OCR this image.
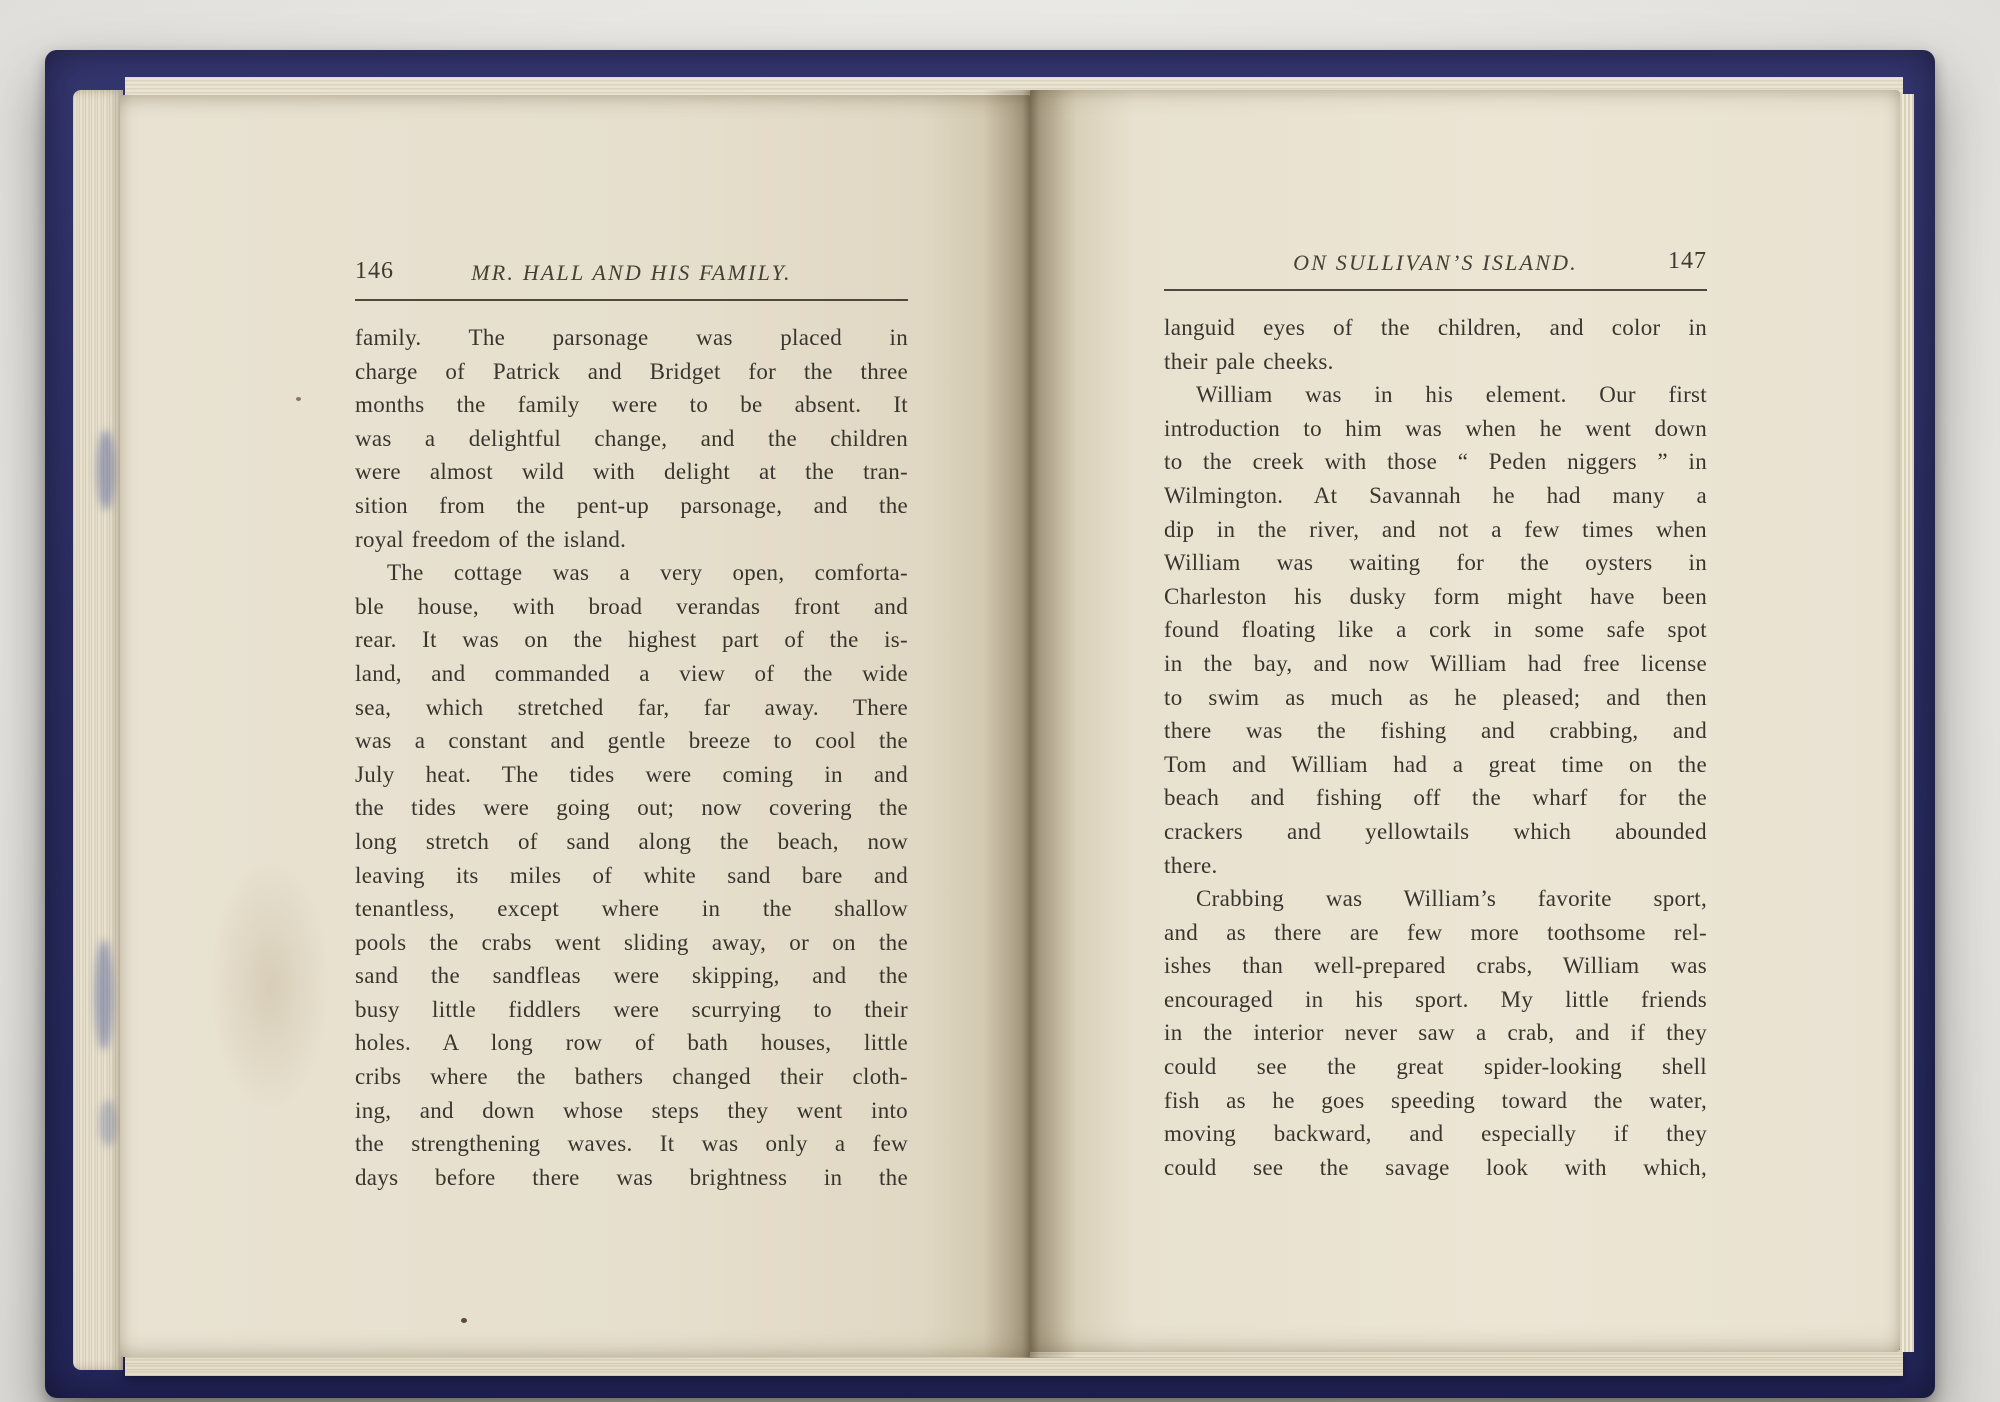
146	MR. HALL AND HIS FAMILY.
family. The parsonage was placed in
charge of Patrick and Bridget for the three
months the family were to be absent. It
was a delightful change, and the children
were almost wild with delight at the tran-
sition from the pent-up parsonage, and the
royal freedom of the island.
The cottage was a very open, comforta-
ble house, with broad verandas front and
rear. It was on the highest part of the is-
land, and commanded a view of the wide
sea, which stretched far, far away. There
was a constant and gentle breeze to cool the
July heat. The tides were coming in and
the tides were going out; now covering the
long stretch of sand along the beach, now
leaving its miles of white sand bare and
tenantless, except where in the shallow
pools the crabs went sliding away, or on the
sand the sandfleas were skipping, and the
busy little fiddlers were scurrying to their
holes. A long row of bath houses, little
cribs where the bathers changed their cloth-
ing, and down whose steps they went into
the strengthening waves. It was only a few
days before there was brightness in the
ON SULLIVAN’S ISLAND.	147
languid eyes of the children, and color in
their pale cheeks.
William was in his element. Our first
introduction to him was when he went down
to the creek with those “ Peden niggers ” in
Wilmington. At Savannah he had many a
dip in the river, and not a few times when
William was waiting for the oysters in
Charleston his dusky form might have been
found floating like a cork in some safe spot
in the bay, and now William had free license
to swim as much as he pleased; and then
there was the fishing and crabbing, and
Tom and William had a great time on the
beach and fishing off the wharf for the
crackers and yellowtails which abounded
there.
Crabbing was William’s favorite sport,
and as there are few more toothsome rel-
ishes than well-prepared crabs, William was
encouraged in his sport. My little friends
in the interior never saw a crab, and if they
could see the great spider-looking shell
fish as he goes speeding toward the water,
moving backward, and especially if they
could see the savage look with which,
